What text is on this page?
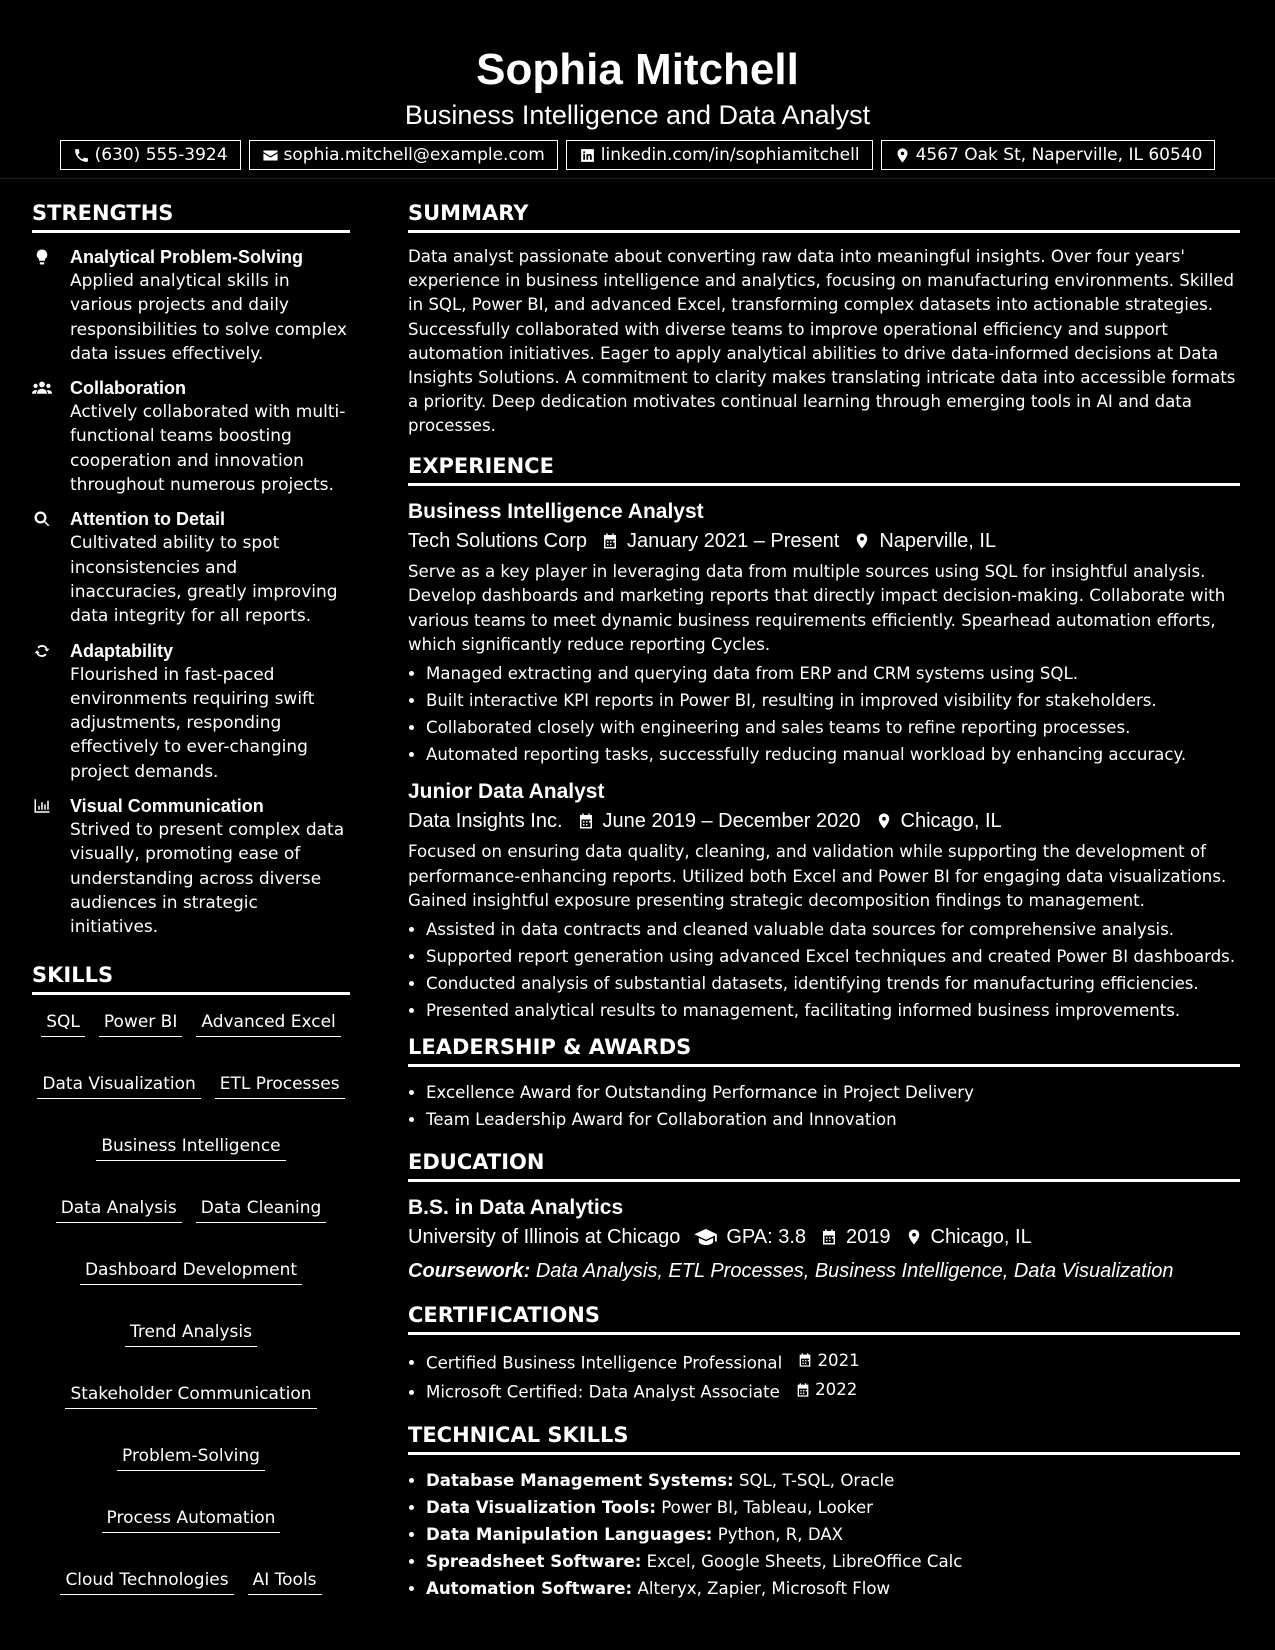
Sophia Mitchell
Business Intelligence and Data Analyst
(630) 555-3924	sophia.mitchell@example.com	linkedin.com/in/sophiamitchell	4567 Oak St, Naperville, IL 60540
STRENGTHS
Analytical Problem-Solving
Applied analytical skills in various projects and daily responsibilities to solve complex data issues effectively.
Collaboration
Actively collaborated with multi-functional teams boosting cooperation and innovation throughout numerous projects.
Attention to Detail
Cultivated ability to spot inconsistencies and inaccuracies, greatly improving data integrity for all reports.
Adaptability
Flourished in fast-paced environments requiring swift adjustments, responding effectively to ever-changing project demands.
Visual Communication
Strived to present complex data visually, promoting ease of understanding across diverse audiences in strategic initiatives.
SKILLS
SQL Power BI Advanced Excel
Data Visualization ETL Processes
Business Intelligence
Data Analysis Data Cleaning
Dashboard Development
Trend Analysis
Stakeholder Communication
Problem-Solving
Process Automation
Cloud Technologies AI Tools
SUMMARY

Data analyst passionate about converting raw data into meaningful insights. Over four years' experience in business intelligence and analytics, focusing on manufacturing environments. Skilled in SQL, Power BI, and advanced Excel, transforming complex datasets into actionable strategies. Successfully collaborated with diverse teams to improve operational efficiency and support automation initiatives. Eager to apply analytical abilities to drive data-informed decisions at Data Insights Solutions. A commitment to clarity makes translating intricate data into accessible formats a priority. Deep dedication motivates continual learning through emerging tools in AI and data processes.

EXPERIENCE
Business Intelligence Analyst
Tech Solutions Corp January 2021 – Present Naperville, IL
Serve as a key player in leveraging data from multiple sources using SQL for insightful analysis. Develop dashboards and marketing reports that directly impact decision-making. Collaborate with various teams to meet dynamic business requirements efficiently. Spearhead automation efforts, which significantly reduce reporting Cycles.
• Managed extracting and querying data from ERP and CRM systems using SQL.
• Built interactive KPI reports in Power BI, resulting in improved visibility for stakeholders.
• Collaborated closely with engineering and sales teams to refine reporting processes.
• Automated reporting tasks, successfully reducing manual workload by enhancing accuracy.
Junior Data Analyst
Data Insights Inc. June 2019 – December 2020 Chicago, IL
Focused on ensuring data quality, cleaning, and validation while supporting the development of performance-enhancing reports. Utilized both Excel and Power BI for engaging data visualizations. Gained insightful exposure presenting strategic decomposition findings to management.
• Assisted in data contracts and cleaned valuable data sources for comprehensive analysis.
• Supported report generation using advanced Excel techniques and created Power BI dashboards.
• Conducted analysis of substantial datasets, identifying trends for manufacturing efficiencies.
• Presented analytical results to management, facilitating informed business improvements.
LEADERSHIP & AWARDS
• Excellence Award for Outstanding Performance in Project Delivery
• Team Leadership Award for Collaboration and Innovation
EDUCATION
B.S. in Data Analytics
University of Illinois at Chicago GPA: 3.8 2019 Chicago, IL
Coursework: Data Analysis, ETL Processes, Business Intelligence, Data Visualization
CERTIFICATIONS
• Certified Business Intelligence Professional 2021
• Microsoft Certified: Data Analyst Associate 2022
TECHNICAL SKILLS
• Database Management Systems: SQL, T-SQL, Oracle
• Data Visualization Tools: Power BI, Tableau, Looker
• Data Manipulation Languages: Python, R, DAX
• Spreadsheet Software: Excel, Google Sheets, LibreOffice Calc
• Automation Software: Alteryx, Zapier, Microsoft Flow
